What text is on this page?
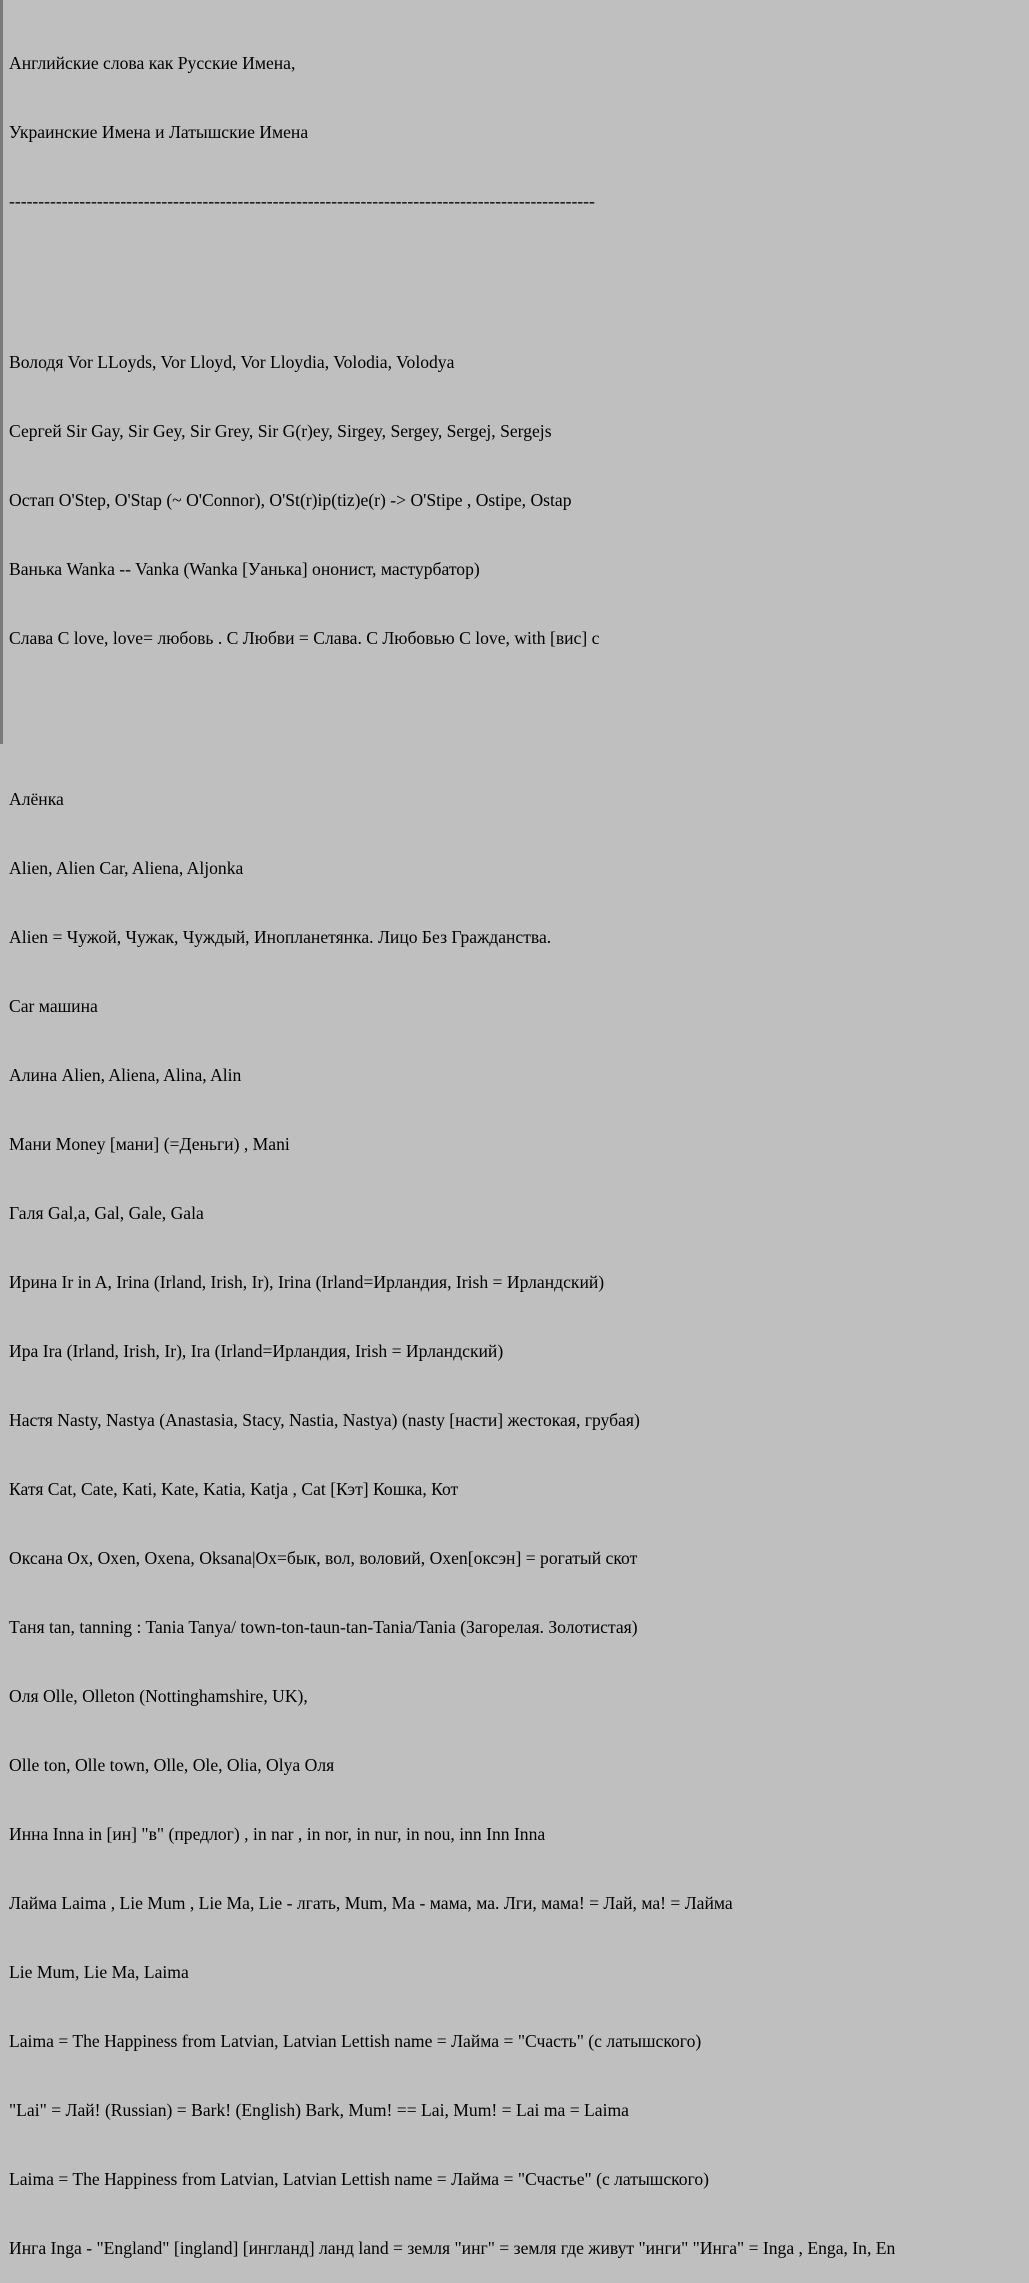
Английские слова как Русские Имена,

Украинские Имена и Латышские Имена

----------------------------------------------------------------------------------------------------

Володя Vor LLoyds, Vor Lloyd, Vor Lloydia, Volodia, Volodya

Сергей Sir Gay, Sir Gey, Sir Grey, Sir G(r)ey, Sirgey, Sergey, Sergej, Sergejs

Остап O'Step, O'Stap (~ O'Connor), O'St(r)ip(tiz)e(r) -> O'Stipe , Ostipe, Ostap

Ванька Wanka -- Vanka (Wanka [Уанька] ононист, мастурбатор)

Слава C love, love= любовь . C Любви = Слава. C Любовью C love, with [виc] c

Алёнка

Alien, Alien Car, Aliena, Aljonka

Alien = Чужой, Чужак, Чуждый, Инопланетянка. Лицо Без Гражданства.

Car машина

Алина Alien, Aliena, Alina, Alin

Мани Money [мани] (=Деньги) , Mani

Галя Gal,a, Gal, Gale, Gala

Ирина Ir in A, Irina (Irland, Irish, Ir), Irina (Irland=Ирландия, Irish = Ирландский)

Ира Ira (Irland, Irish, Ir), Ira (Irland=Ирландия, Irish = Ирландский)

Настя Nasty, Nastya (Anastasia, Stacy, Nastia, Nastya) (nasty [насти] жестокая, грубая)

Катя Cat, Cate, Kati, Kate, Katia, Katja , Cat [Кэт] Кошка, Кот

Оксана Ox, Oxen, Oxena, Oksana|Ox=бык, вол, воловий, Oxen[оксэн] = рогатый скот

Таня tan, tanning : Tania Tanya/ town-ton-taun-tan-Tania/Tania (Загорелая. Золотистая)

Оля Olle, Olleton (Nottinghamshire, UK),

Olle ton, Olle town, Olle, Ole, Olia, Olya Оля

Инна Inna in [ин] "в" (предлог) , in nar , in nor, in nur, in nou, inn Inn Inna

Лайма Laima , Lie Mum , Lie Ma, Lie - лгать, Mum, Ma - мама, ма. Лги, мама! = Лай, ма! = Лайма

Lie Mum, Lie Ma, Laima

Laima = The Happiness from Latvian, Latvian Lettish name = Лайма = "Счасть" (с латышского)

"Lai" = Лай! (Russian) = Bark! (English) Bark, Mum! == Lai, Mum! = Lai ma = Laima

Laima = The Happiness from Latvian, Latvian Lettish name = Лайма = "Счастье" (с латышского)

Инга Inga - "England" [ingland] [ингланд] ланд land = земля "инг" = земля где живут "инги" "Инга" = Inga , Enga, In, En
